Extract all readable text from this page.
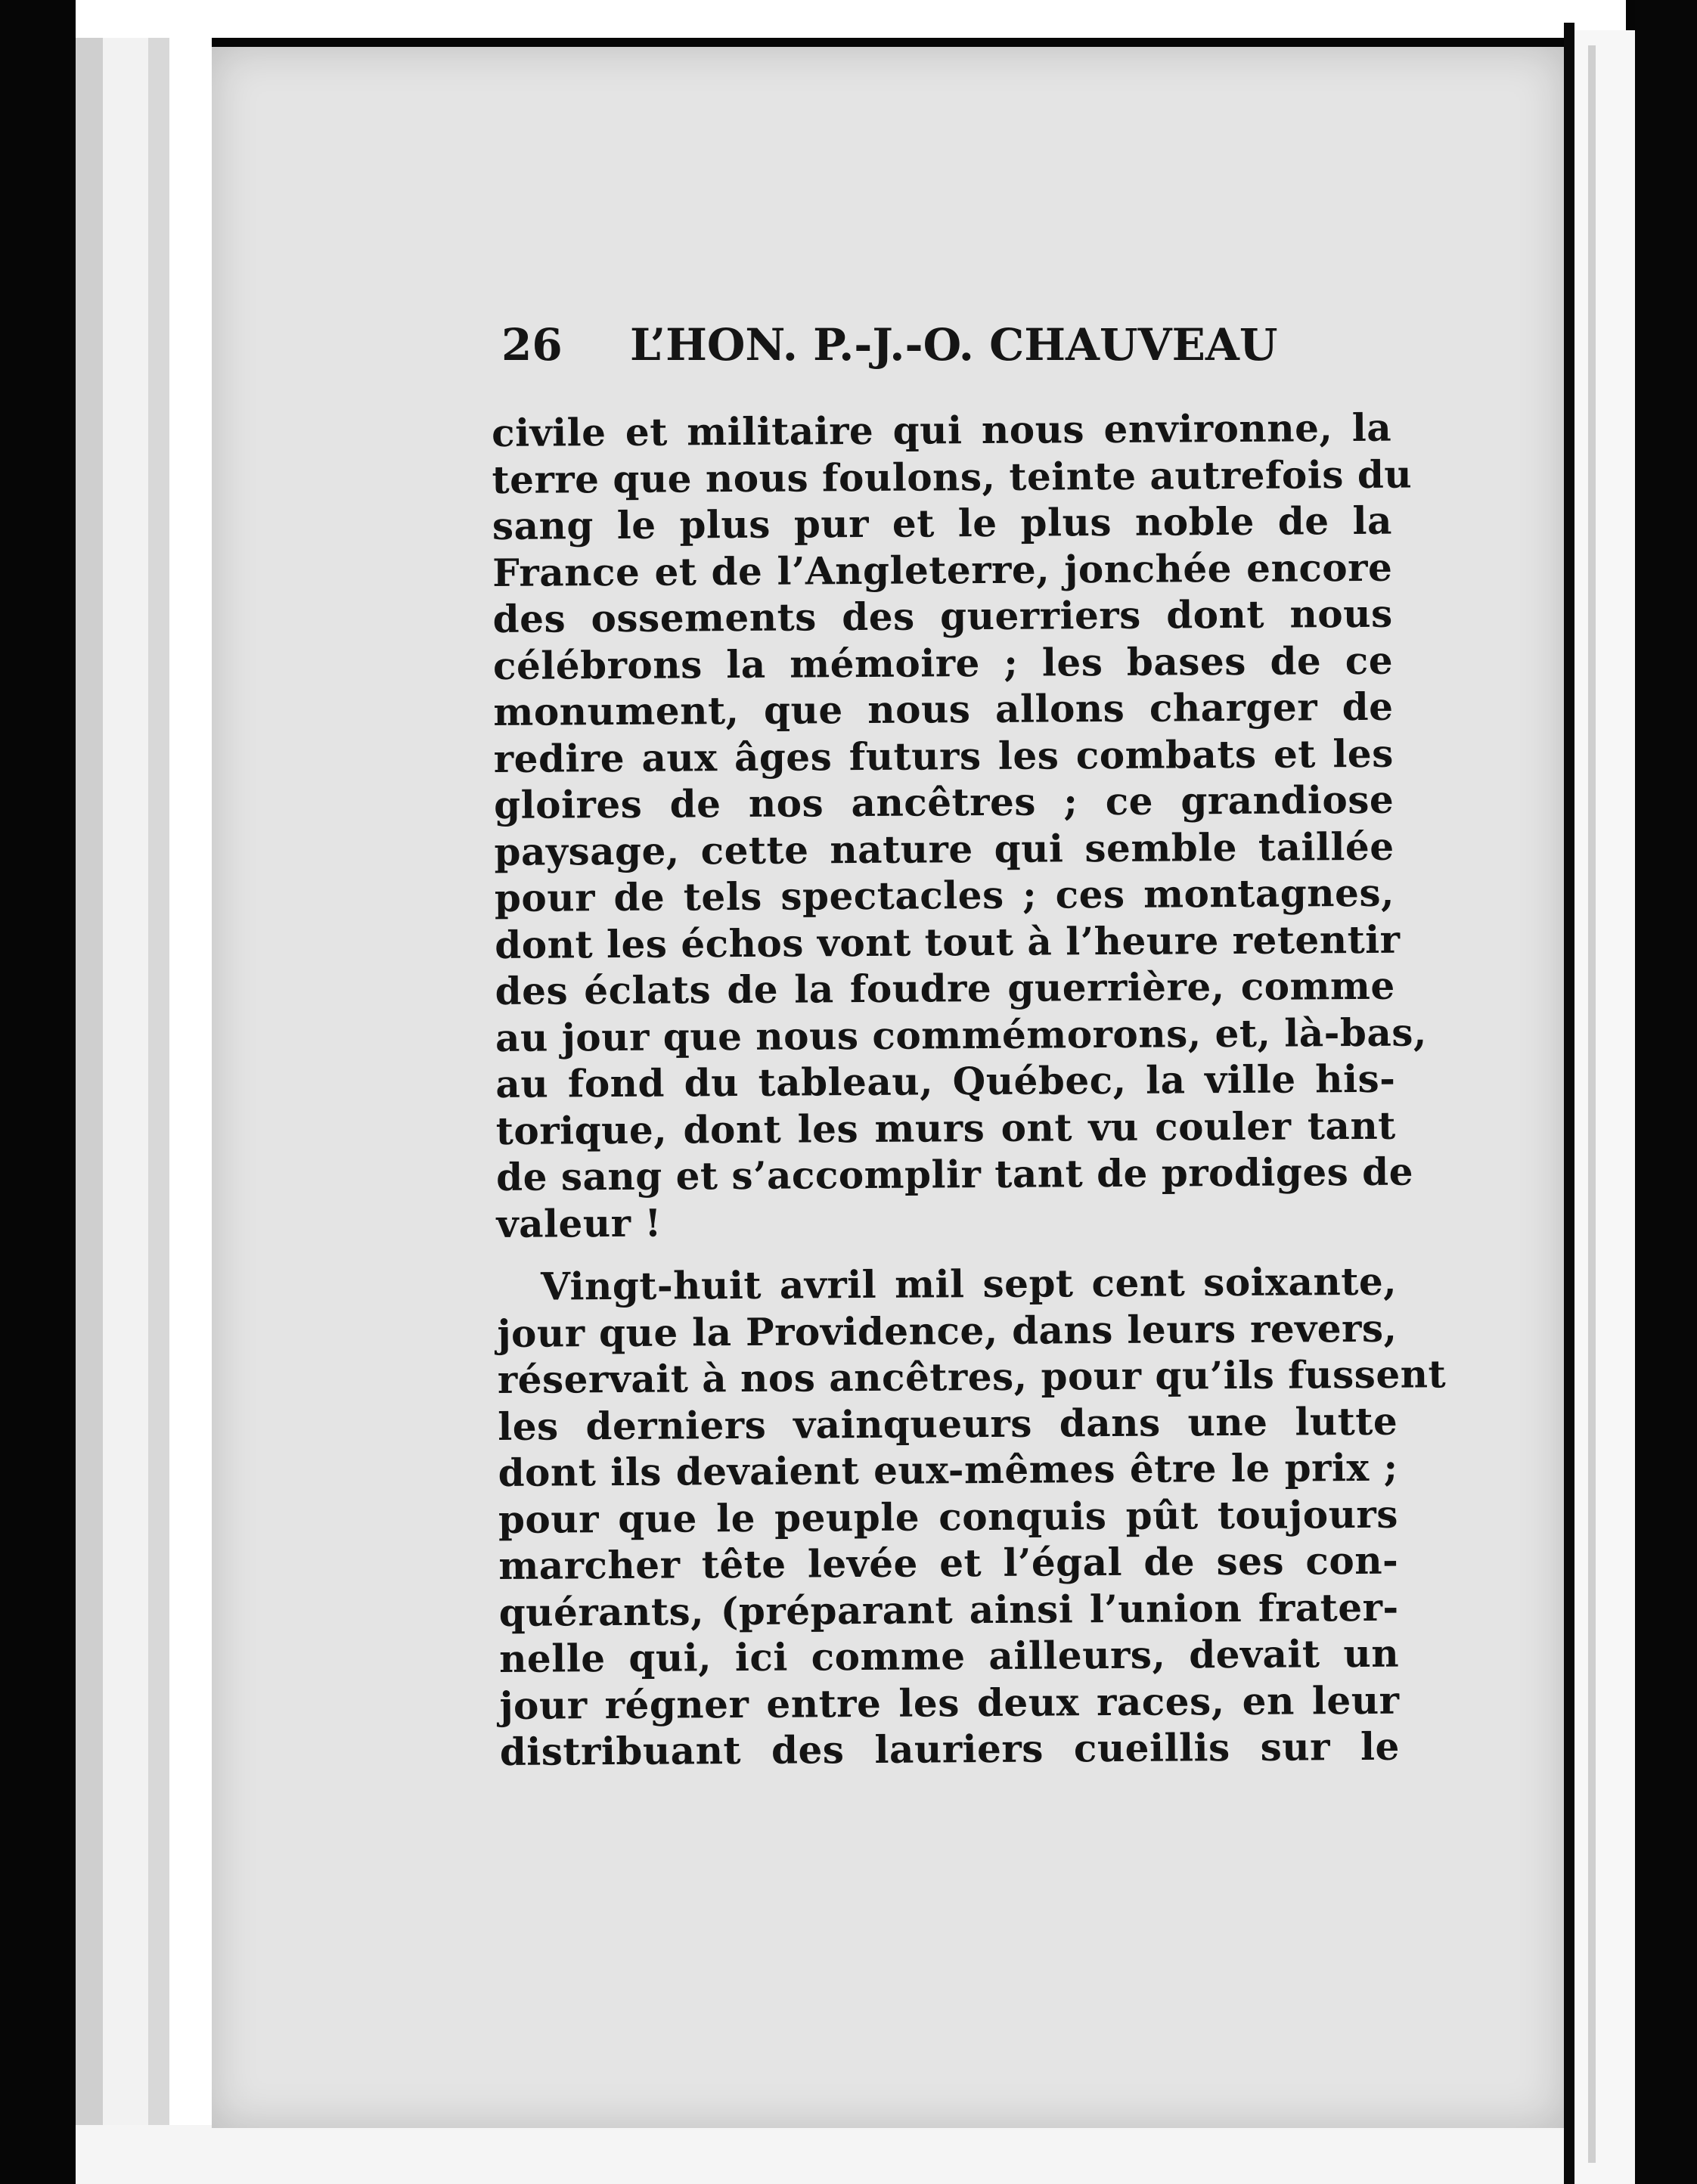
26 L’HON. P.-J.-O. CHAUVEAU
civile et militaire qui nous environne, la
terre que nous foulons, teinte autrefois du
sang le plus pur et le plus noble de la
France et de l’Angleterre, jonchée encore
des ossements des guerriers dont nous
célébrons la mémoire ; les bases de ce
monument, que nous allons charger de
redire aux âges futurs les combats et les
gloires de nos ancêtres ; ce grandiose
paysage, cette nature qui semble taillée
pour de tels spectacles ; ces montagnes,
dont les échos vont tout à l’heure retentir
des éclats de la foudre guerrière, comme
au jour que nous commémorons, et, là-bas,
au fond du tableau, Québec, la ville his-
torique, dont les murs ont vu couler tant
de sang et s’accomplir tant de prodiges de
valeur !
Vingt-huit avril mil sept cent soixante,
jour que la Providence, dans leurs revers,
réservait à nos ancêtres, pour qu’ils fussent
les derniers vainqueurs dans une lutte
dont ils devaient eux-mêmes être le prix ;
pour que le peuple conquis pût toujours
marcher tête levée et l’égal de ses con-
quérants, (préparant ainsi l’union frater-
nelle qui, ici comme ailleurs, devait un
jour régner entre les deux races, en leur
distribuant des lauriers cueillis sur le
